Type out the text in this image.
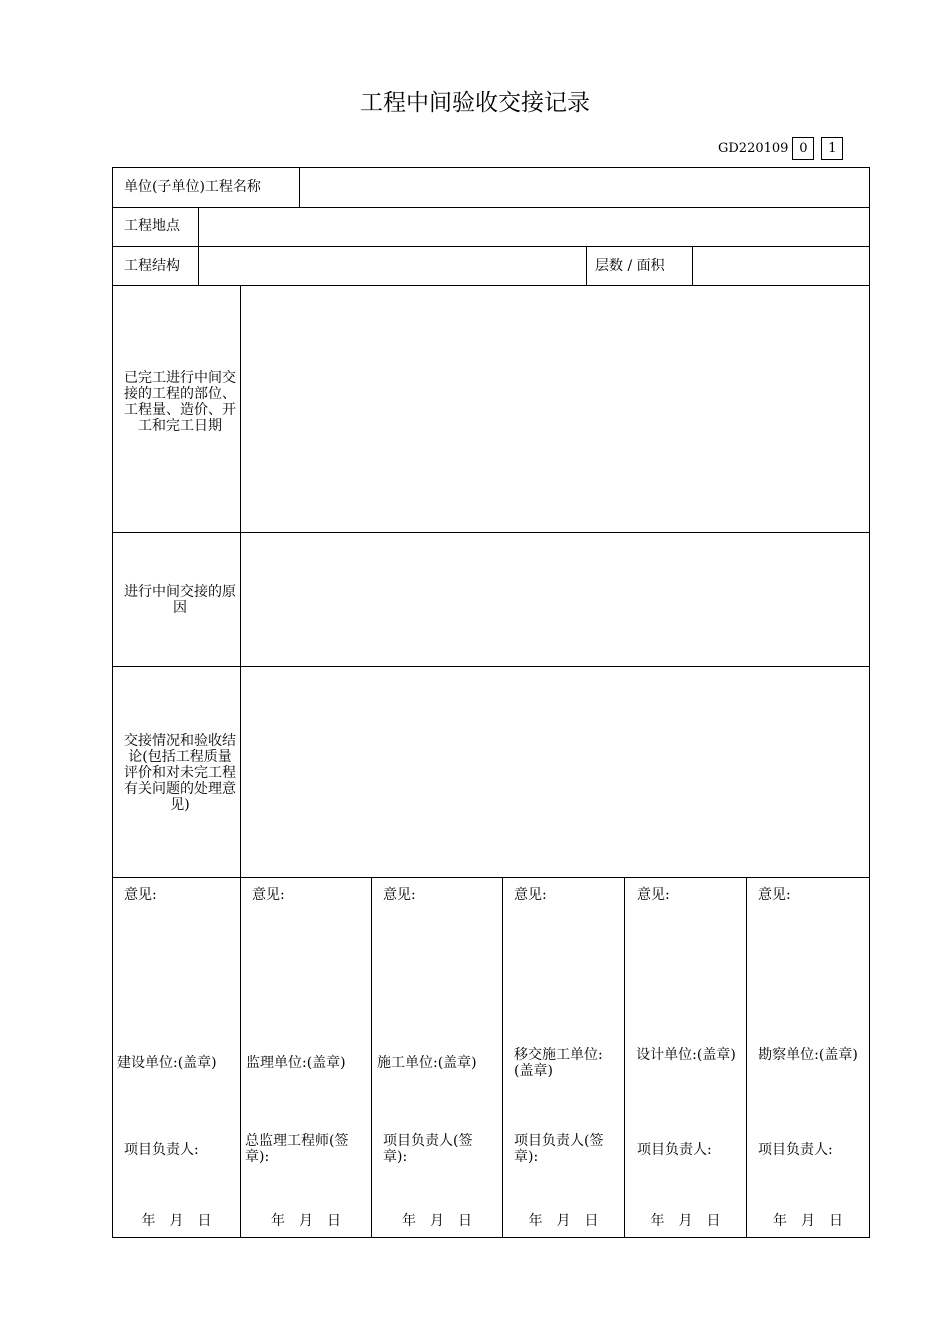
工程中间验收交接记录
GD220109 0	1
单位(子单位)工程名称
工程地点
工程结构	层数 / 面积
已完工进行中间交接的工程的部位、工程量、造价、开工和完工日期
进行中间交接的原因
交接情况和验收结论(包括工程质量评价和对未完工程有关问题的处理意见)
意见:
建设单位:(盖章)
项目负责人:
年　月　日
意见:
监理单位:(盖章)
总监理工程师(签章):
年　月　日
意见:
施工单位:(盖章)
项目负责人(签章):
年　月　日
意见:
移交施工单位:(盖章)
项目负责人(签章):
年　月　日
意见:
设计单位:(盖章)
项目负责人:
年　月　日
意见:
勘察单位:(盖章)
项目负责人:
年　月　日
